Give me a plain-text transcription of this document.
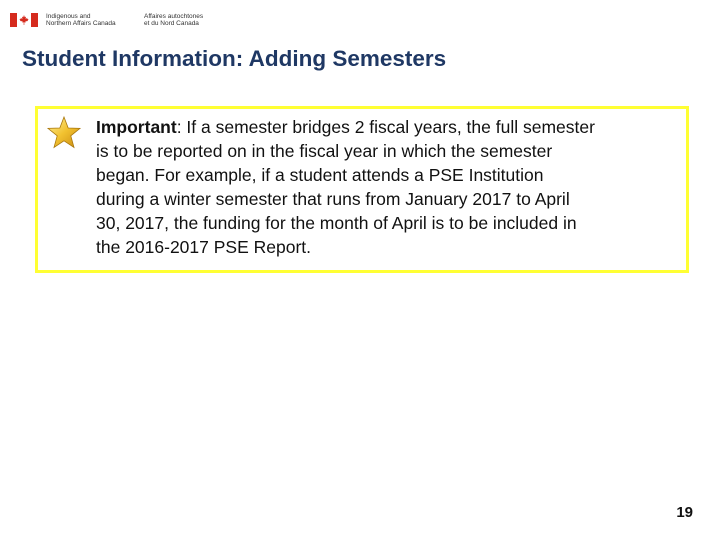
Indigenous and
Northern Affairs Canada
Affaires autochtones
et du Nord Canada
Student Information: Adding Semesters
Important: If a semester bridges 2 fiscal years, the full semester
is to be reported on in the fiscal year in which the semester
began. For example, if a student attends a PSE Institution
during a winter semester that runs from January 2017 to April
30, 2017, the funding for the month of April is to be included in
the 2016-2017 PSE Report.
19
